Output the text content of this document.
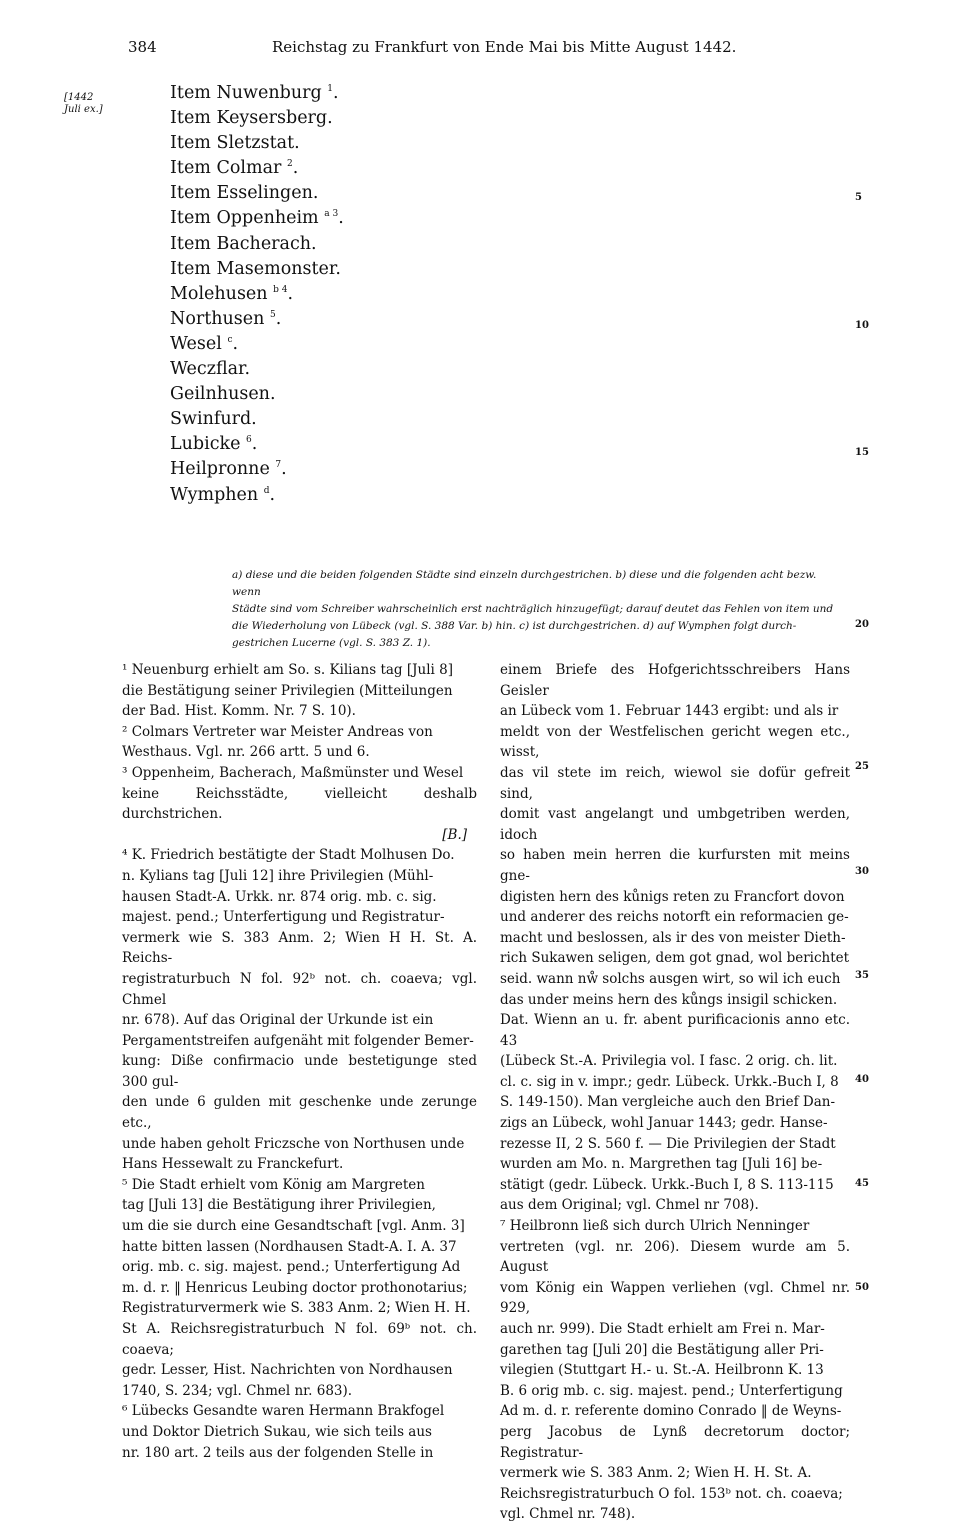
384	Reichstag zu Frankfurt von Ende Mai bis Mitte August 1442.
[1442
Juli ex.]
Item Nuwenburg $^1$.
Item Keysersberg.
Item Sletzstat.
Item Colmar $^2$.
Item Esselingen.
Item Oppenheim $^{a 3}$.
Item Bacherach.
Item Masemonster.
Molehusen $^{b 4}$.
Northusen $^5$.
Wesel $^c$.
Weczflar.
Geilnhusen.
Swinfurd.
Lubicke $^6$.
Heilpronne $^7$.
Wymphen $^d$.
5
10
15
20
25
30
35
40
45
50

a) diese und die beiden folgenden Städte sind einzeln durchgestrichen. b) diese und die folgenden acht bezw. wenn

Städte sind vom Schreiber wahrscheinlich erst nachträglich hinzugefügt; darauf deutet das Fehlen von item und

die Wiederholung von Lübeck (vgl. S. 388 Var. b) hin. c) ist durchgestrichen. d) auf Wymphen folgt durch-

gestrichen Lucerne (vgl. S. 383 Z. 1).

¹ Neuenburg erhielt am So. s. Kilians tag [Juli 8]

die Bestätigung seiner Privilegien (Mitteilungen

der Bad. Hist. Komm. Nr. 7 S. 10).

² Colmars Vertreter war Meister Andreas von

Westhaus. Vgl. nr. 266 artt. 5 und 6.

³ Oppenheim, Bacherach, Maßmünster und Wesel

keine Reichsstädte, vielleicht deshalb durchstrichen.

[B.]

⁴ K. Friedrich bestätigte der Stadt Molhusen Do.

n. Kylians tag [Juli 12] ihre Privilegien (Mühl-

hausen Stadt-A. Urkk. nr. 874 orig. mb. c. sig.

majest. pend.; Unterfertigung und Registratur-

vermerk wie S. 383 Anm. 2; Wien H H. St. A. Reichs-

registraturbuch N fol. 92ᵇ not. ch. coaeva; vgl. Chmel

nr. 678). Auf das Original der Urkunde ist ein

Pergamentstreifen aufgenäht mit folgender Bemer-

kung: Diße confirmacio unde bestetigunge sted 300 gul-

den unde 6 gulden mit geschenke unde zerunge etc.,

unde haben geholt Friczsche von Northusen unde

Hans Hessewalt zu Franckefurt.

⁵ Die Stadt erhielt vom König am Margreten

tag [Juli 13] die Bestätigung ihrer Privilegien,

um die sie durch eine Gesandtschaft [vgl. Anm. 3]

hatte bitten lassen (Nordhausen Stadt-A. I. A. 37

orig. mb. c. sig. majest. pend.; Unterfertigung Ad

m. d. r. ‖ Henricus Leubing doctor prothonotarius;

Registraturvermerk wie S. 383 Anm. 2; Wien H. H.

St A. Reichsregistraturbuch N fol. 69ᵇ not. ch. coaeva;

gedr. Lesser, Hist. Nachrichten von Nordhausen

1740, S. 234; vgl. Chmel nr. 683).

⁶ Lübecks Gesandte waren Hermann Brakfogel

und Doktor Dietrich Sukau, wie sich teils aus

nr. 180 art. 2 teils aus der folgenden Stelle in

einem Briefe des Hofgerichtsschreibers Hans Geisler

an Lübeck vom 1. Februar 1443 ergibt: und als ir

meldt von der Westfelischen gericht wegen etc., wisst,

das vil stete im reich, wiewol sie dofür gefreit sind,

domit vast angelangt und umbgetriben werden, idoch

so haben mein herren die kurfursten mit meins gne-

digisten hern des kůnigs reten zu Francfort dovon

und anderer des reichs notorft ein reformacien ge-

macht und beslossen, als ir des von meister Dieth-

rich Sukawen seligen, dem got gnad, wol berichtet

seid. wann nẘ solchs ausgen wirt, so wil ich euch

das under meins hern des kůngs insigil schicken.

Dat. Wienn an u. fr. abent purificacionis anno etc. 43

(Lübeck St.-A. Privilegia vol. I fasc. 2 orig. ch. lit.

cl. c. sig in v. impr.; gedr. Lübeck. Urkk.-Buch I, 8

S. 149-150). Man vergleiche auch den Brief Dan-

zigs an Lübeck, wohl Januar 1443; gedr. Hanse-

rezesse II, 2 S. 560 f. — Die Privilegien der Stadt

wurden am Mo. n. Margrethen tag [Juli 16] be-

stätigt (gedr. Lübeck. Urkk.-Buch I, 8 S. 113-115

aus dem Original; vgl. Chmel nr 708).

⁷ Heilbronn ließ sich durch Ulrich Nenninger

vertreten (vgl. nr. 206). Diesem wurde am 5. August

vom König ein Wappen verliehen (vgl. Chmel nr. 929,

auch nr. 999). Die Stadt erhielt am Frei n. Mar-

garethen tag [Juli 20] die Bestätigung aller Pri-

vilegien (Stuttgart H.- u. St.-A. Heilbronn K. 13

B. 6 orig mb. c. sig. majest. pend.; Unterfertigung

Ad m. d. r. referente domino Conrado ‖ de Weyns-

perg Jacobus de Lynß decretorum doctor; Registratur-

vermerk wie S. 383 Anm. 2; Wien H. H. St. A.

Reichsregistraturbuch O fol. 153ᵇ not. ch. coaeva;

vgl. Chmel nr. 748).
